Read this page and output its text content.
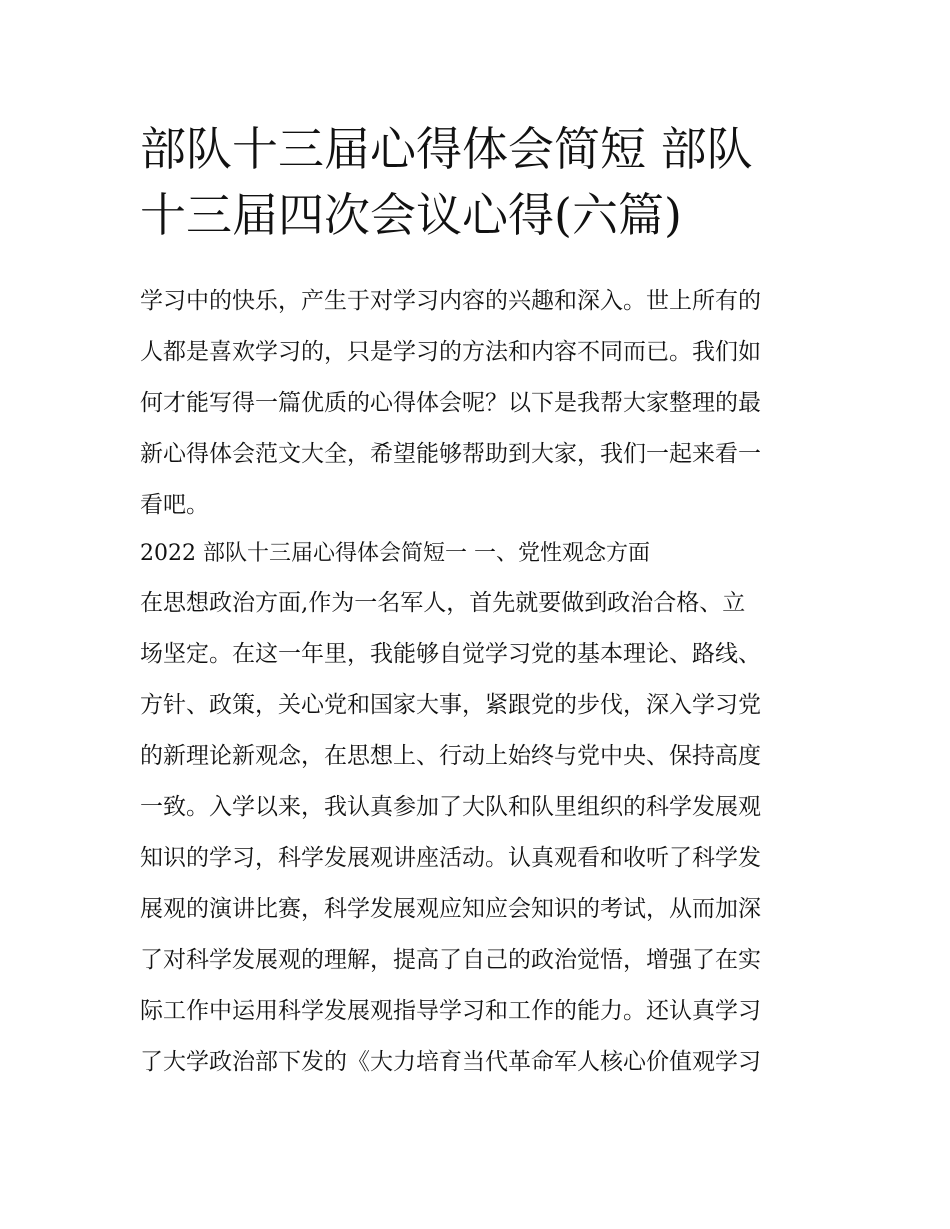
部队十三届心得体会简短 部队
十三届四次会议心得(六篇)

学习中的快乐，产生于对学习内容的兴趣和深入。世上所有的
人都是喜欢学习的，只是学习的方法和内容不同而已。我们如
何才能写得一篇优质的心得体会呢？以下是我帮大家整理的最
新心得体会范文大全，希望能够帮助到大家，我们一起来看一
看吧。

2022 部队十三届心得体会简短一 一、党性观念方面

在思想政治方面,作为一名军人，首先就要做到政治合格、立
场坚定。在这一年里，我能够自觉学习党的基本理论、路线、
方针、政策，关心党和国家大事，紧跟党的步伐，深入学习党
的新理论新观念，在思想上、行动上始终与党中央、保持高度
一致。入学以来，我认真参加了大队和队里组织的科学发展观
知识的学习，科学发展观讲座活动。认真观看和收听了科学发
展观的演讲比赛，科学发展观应知应会知识的考试，从而加深
了对科学发展观的理解，提高了自己的政治觉悟，增强了在实
际工作中运用科学发展观指导学习和工作的能力。还认真学习
了大学政治部下发的《大力培育当代革命军人核心价值观学习
